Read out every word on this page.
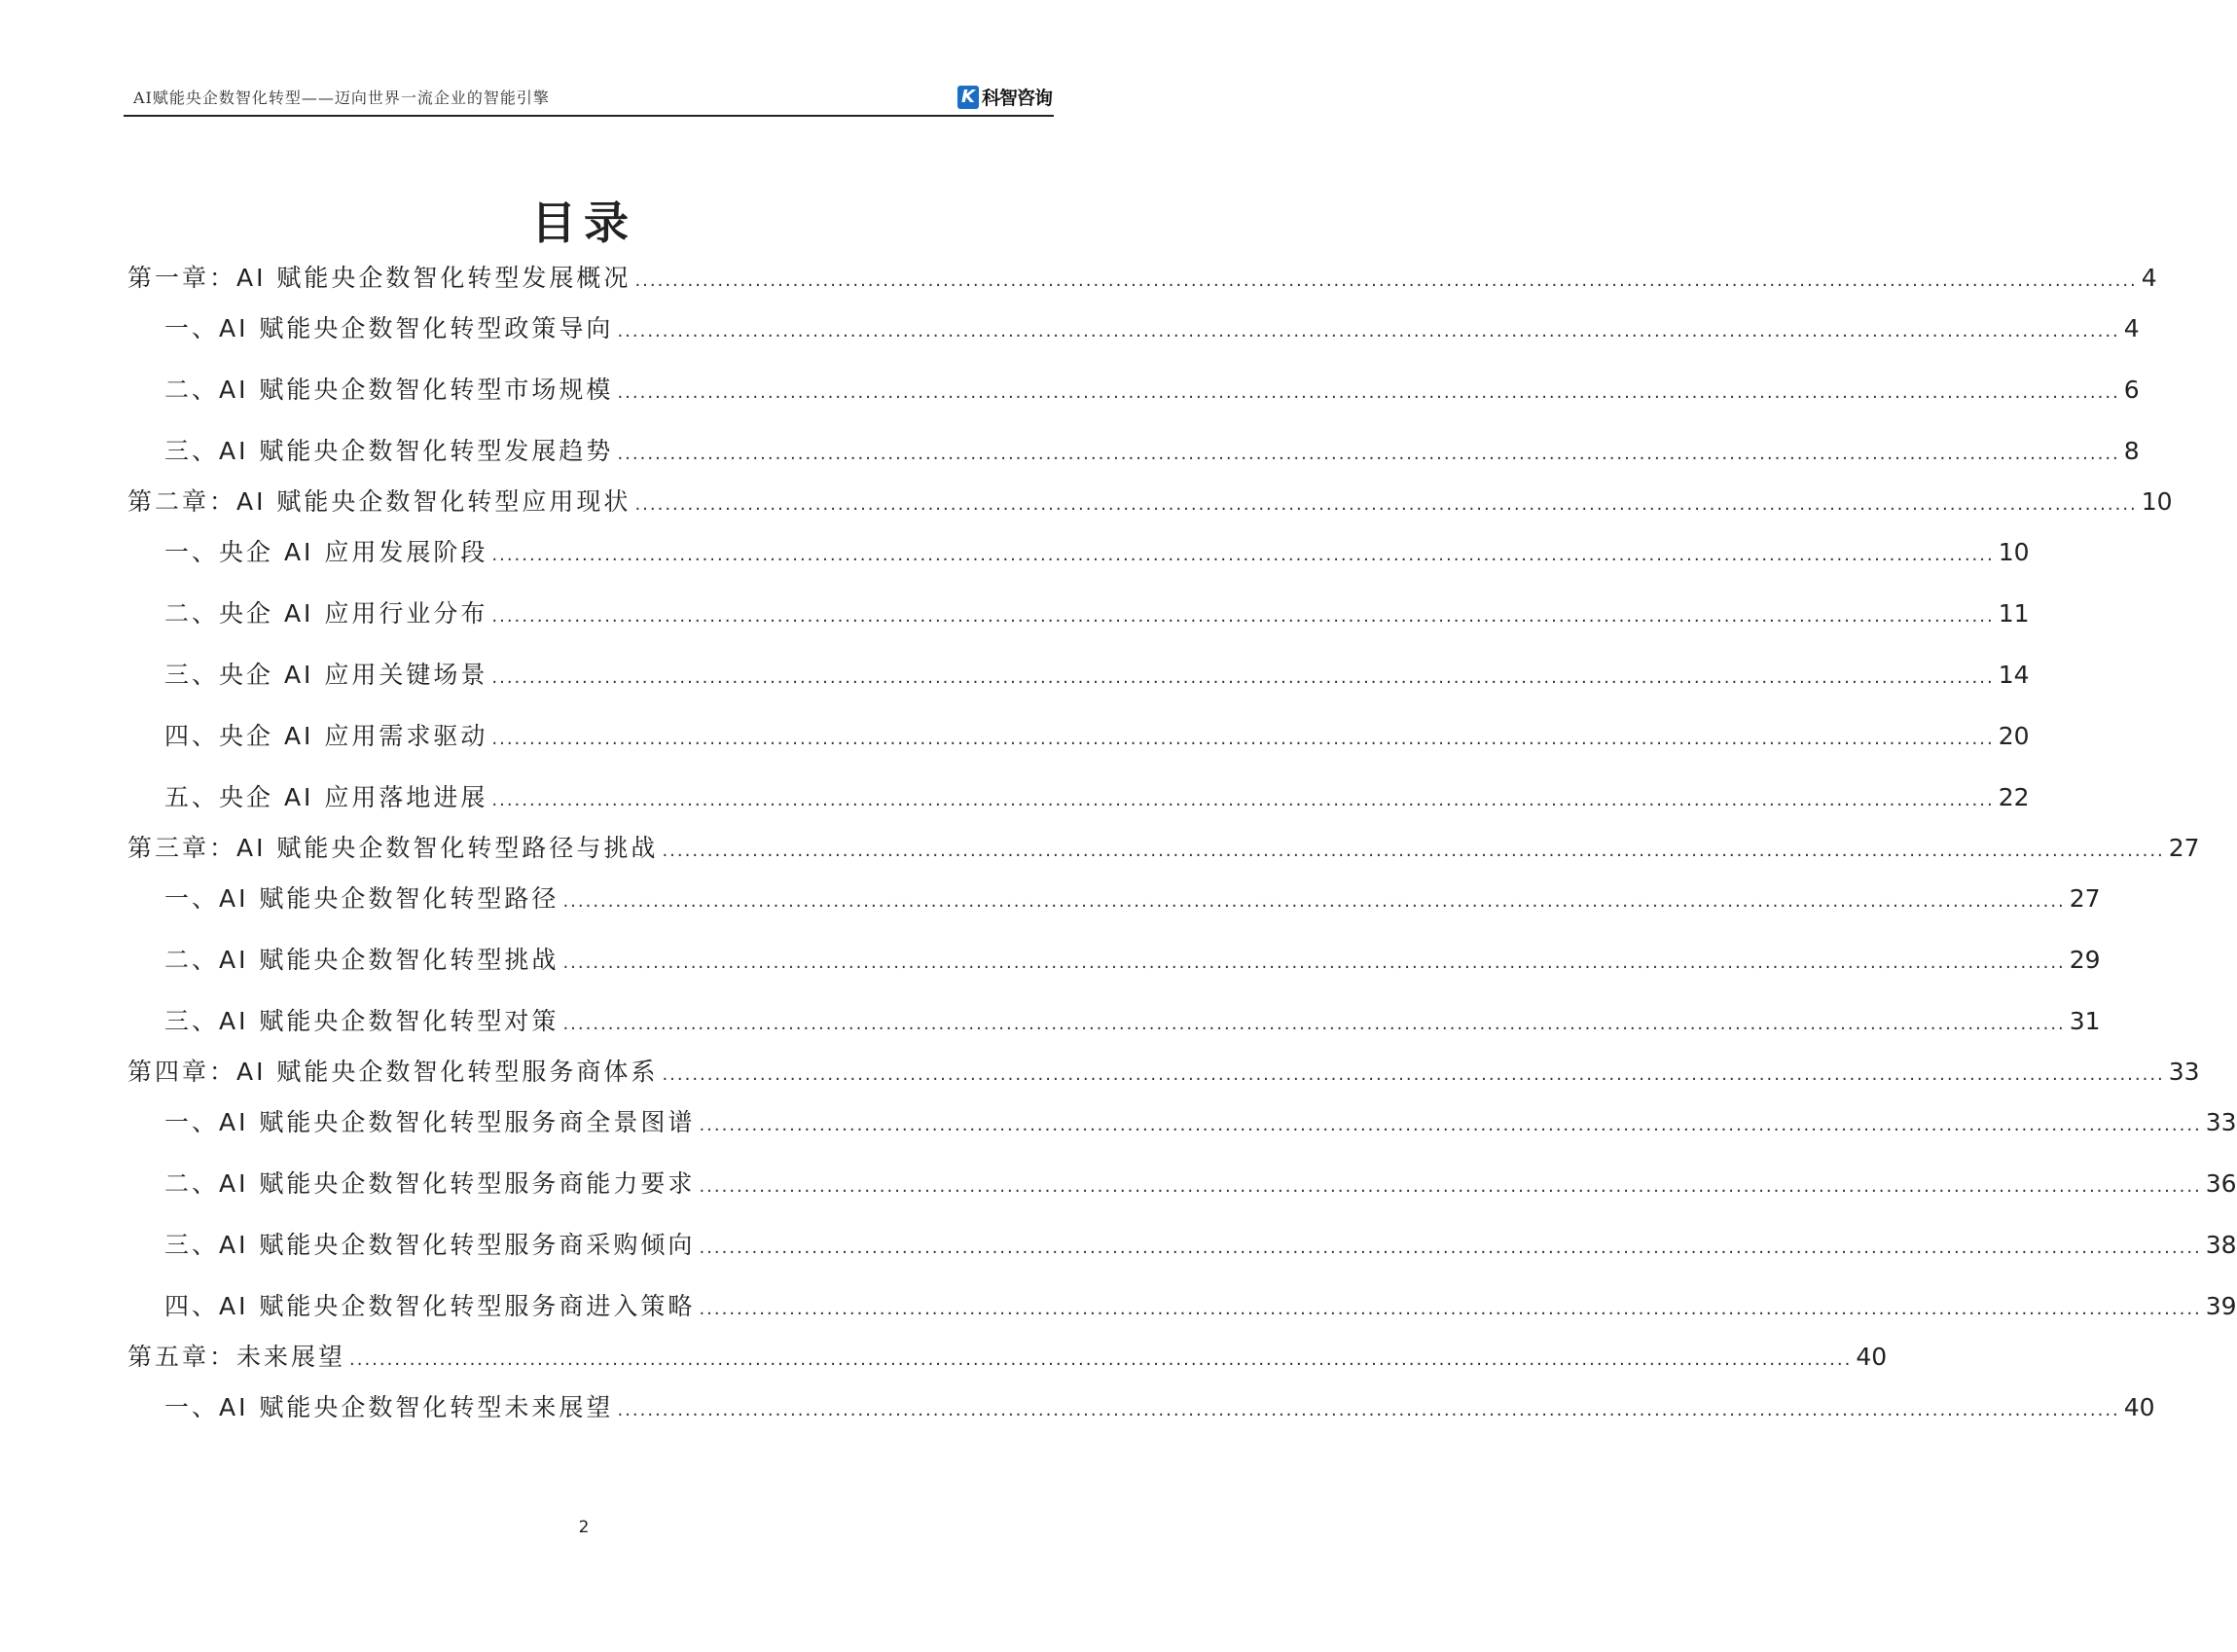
AI赋能央企数智化转型——迈向世界一流企业的智能引擎	K 科智咨询
目录
第一章：AI 赋能央企数智化转型发展概况 ........................................................................................................................................................................................................ 4
一、AI 赋能央企数智化转型政策导向 ........................................................................................................................................................................................................ 4
二、AI 赋能央企数智化转型市场规模 ........................................................................................................................................................................................................ 6
三、AI 赋能央企数智化转型发展趋势 ........................................................................................................................................................................................................ 8
第二章：AI 赋能央企数智化转型应用现状 ........................................................................................................................................................................................................ 10
一、央企 AI 应用发展阶段 ........................................................................................................................................................................................................ 10
二、央企 AI 应用行业分布 ........................................................................................................................................................................................................ 11
三、央企 AI 应用关键场景 ........................................................................................................................................................................................................ 14
四、央企 AI 应用需求驱动 ........................................................................................................................................................................................................ 20
五、央企 AI 应用落地进展 ........................................................................................................................................................................................................ 22
第三章：AI 赋能央企数智化转型路径与挑战 ........................................................................................................................................................................................................ 27
一、AI 赋能央企数智化转型路径 ........................................................................................................................................................................................................ 27
二、AI 赋能央企数智化转型挑战 ........................................................................................................................................................................................................ 29
三、AI 赋能央企数智化转型对策 ........................................................................................................................................................................................................ 31
第四章：AI 赋能央企数智化转型服务商体系 ........................................................................................................................................................................................................ 33
一、AI 赋能央企数智化转型服务商全景图谱 ........................................................................................................................................................................................................ 33
二、AI 赋能央企数智化转型服务商能力要求 ........................................................................................................................................................................................................ 36
三、AI 赋能央企数智化转型服务商采购倾向 ........................................................................................................................................................................................................ 38
四、AI 赋能央企数智化转型服务商进入策略 ........................................................................................................................................................................................................ 39
第五章：未来展望 ........................................................................................................................................................................................................ 40
一、AI 赋能央企数智化转型未来展望 ........................................................................................................................................................................................................ 40
2
